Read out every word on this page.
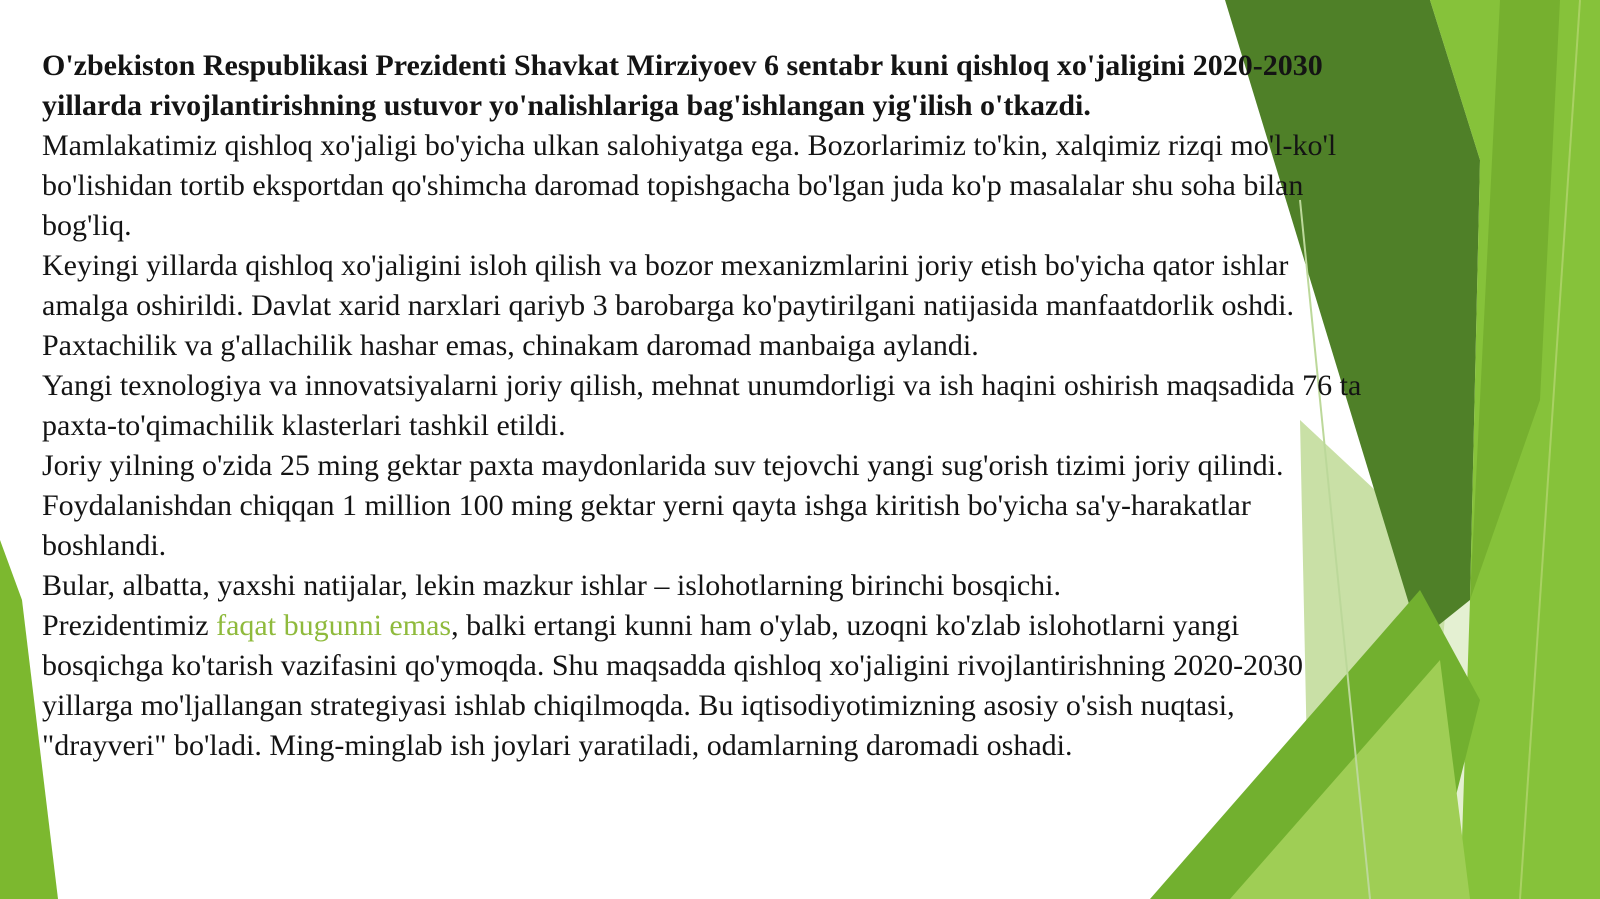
O'zbekiston Respublikasi Prezidenti Shavkat Mirziyoev 6 sentabr kuni qishloq xo'jaligini 2020-2030 yillarda rivojlantirishning ustuvor yo'nalishlariga bag'ishlangan yig'ilish o'tkazdi.

Mamlakatimiz qishloq xo'jaligi bo'yicha ulkan salohiyatga ega. Bozorlarimiz to'kin, xalqimiz rizqi mo'l-ko'l bo'lishidan tortib eksportdan qo'shimcha daromad topishgacha bo'lgan juda ko'p masalalar shu soha bilan bog'liq.

Keyingi yillarda qishloq xo'jaligini isloh qilish va bozor mexanizmlarini joriy etish bo'yicha qator ishlar amalga oshirildi. Davlat xarid narxlari qariyb 3 barobarga ko'paytirilgani natijasida manfaatdorlik oshdi. Paxtachilik va g'allachilik hashar emas, chinakam daromad manbaiga aylandi.

Yangi texnologiya va innovatsiyalarni joriy qilish, mehnat unumdorligi va ish haqini oshirish maqsadida 76 ta paxta-to'qimachilik klasterlari tashkil etildi.

Joriy yilning o'zida 25 ming gektar paxta maydonlarida suv tejovchi yangi sug'orish tizimi joriy qilindi. Foydalanishdan chiqqan 1 million 100 ming gektar yerni qayta ishga kiritish bo'yicha sa'y-harakatlar boshlandi.

Bular, albatta, yaxshi natijalar, lekin mazkur ishlar – islohotlarning birinchi bosqichi.

Prezidentimiz faqat bugunni emas, balki ertangi kunni ham o'ylab, uzoqni ko'zlab islohotlarni yangi bosqichga ko'tarish vazifasini qo'ymoqda. Shu maqsadda qishloq xo'jaligini rivojlantirishning 2020-2030 yillarga mo'ljallangan strategiyasi ishlab chiqilmoqda. Bu iqtisodiyotimizning asosiy o'sish nuqtasi, "drayveri" bo'ladi. Ming-minglab ish joylari yaratiladi, odamlarning daromadi oshadi.
